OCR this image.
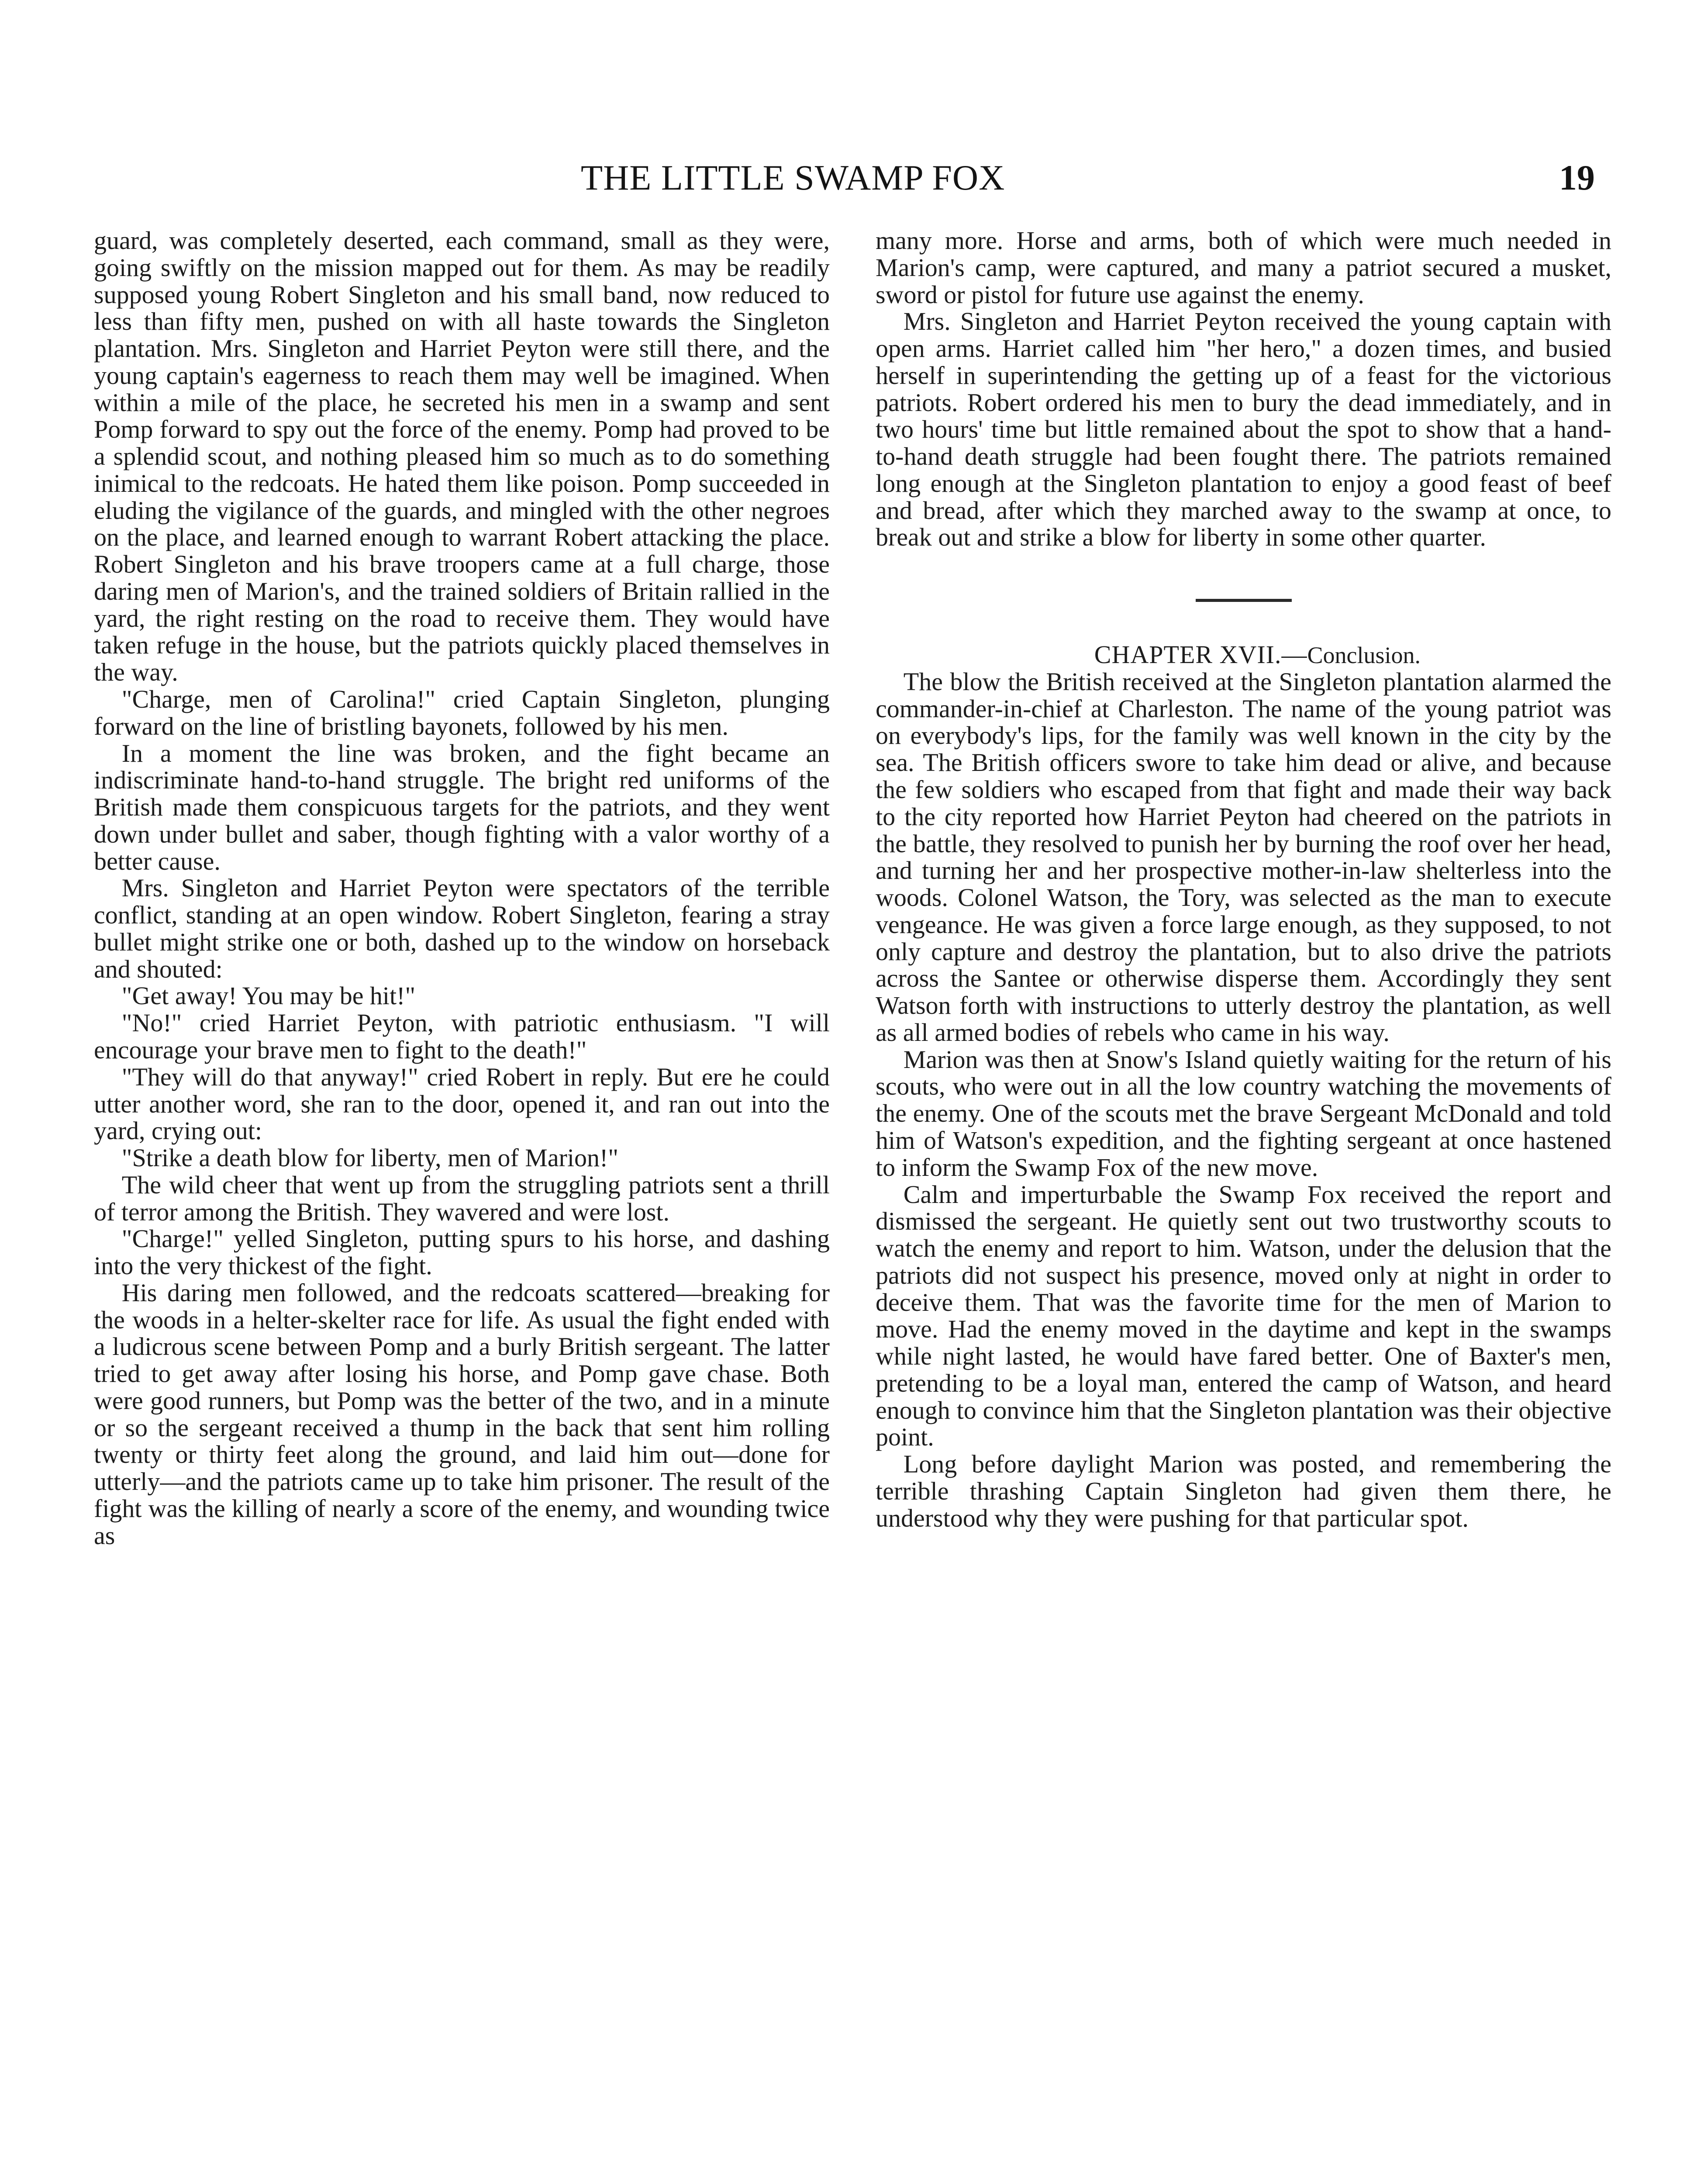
THE LITTLE SWAMP FOX	19

guard, was completely deserted, each command, small as they were, going swiftly on the mission mapped out for them. As may be readily supposed young Robert Singleton and his small band, now reduced to less than fifty men, pushed on with all haste towards the Singleton plantation. Mrs. Singleton and Harriet Peyton were still there, and the young captain's eagerness to reach them may well be imagined. When within a mile of the place, he secreted his men in a swamp and sent Pomp forward to spy out the force of the enemy. Pomp had proved to be a splendid scout, and nothing pleased him so much as to do something inimical to the redcoats. He hated them like poison. Pomp succeeded in eluding the vigilance of the guards, and mingled with the other negroes on the place, and learned enough to warrant Robert attacking the place. Robert Singleton and his brave troopers came at a full charge, those daring men of Marion's, and the trained soldiers of Britain rallied in the yard, the right resting on the road to receive them. They would have taken refuge in the house, but the patriots quickly placed themselves in the way.

"Charge, men of Carolina!" cried Captain Singleton, plunging forward on the line of bristling bayonets, followed by his men.

In a moment the line was broken, and the fight became an indiscriminate hand-to-hand struggle. The bright red uniforms of the British made them conspicuous targets for the patriots, and they went down under bullet and saber, though fighting with a valor worthy of a better cause.

Mrs. Singleton and Harriet Peyton were spectators of the terrible conflict, standing at an open window. Robert Singleton, fearing a stray bullet might strike one or both, dashed up to the window on horseback and shouted:

"Get away! You may be hit!"

"No!" cried Harriet Peyton, with patriotic enthusiasm. "I will encourage your brave men to fight to the death!"

"They will do that anyway!" cried Robert in reply. But ere he could utter another word, she ran to the door, opened it, and ran out into the yard, crying out:

"Strike a death blow for liberty, men of Marion!"

The wild cheer that went up from the struggling patriots sent a thrill of terror among the British. They wavered and were lost.

"Charge!" yelled Singleton, putting spurs to his horse, and dashing into the very thickest of the fight.

His daring men followed, and the redcoats scattered—breaking for the woods in a helter-skelter race for life. As usual the fight ended with a ludicrous scene between Pomp and a burly British sergeant. The latter tried to get away after losing his horse, and Pomp gave chase. Both were good runners, but Pomp was the better of the two, and in a minute or so the sergeant received a thump in the back that sent him rolling twenty or thirty feet along the ground, and laid him out—done for utterly—and the patriots came up to take him prisoner. The result of the fight was the killing of nearly a score of the enemy, and wounding twice as

many more. Horse and arms, both of which were much needed in Marion's camp, were captured, and many a patriot secured a musket, sword or pistol for future use against the enemy.

Mrs. Singleton and Harriet Peyton received the young captain with open arms. Harriet called him "her hero," a dozen times, and busied herself in superintending the getting up of a feast for the victorious patriots. Robert ordered his men to bury the dead immediately, and in two hours' time but little remained about the spot to show that a hand-to-hand death struggle had been fought there. The patriots remained long enough at the Singleton plantation to enjoy a good feast of beef and bread, after which they marched away to the swamp at once, to break out and strike a blow for liberty in some other quarter.

CHAPTER XVII.—Conclusion.

The blow the British received at the Singleton plantation alarmed the commander-in-chief at Charleston. The name of the young patriot was on everybody's lips, for the family was well known in the city by the sea. The British officers swore to take him dead or alive, and because the few soldiers who escaped from that fight and made their way back to the city reported how Harriet Peyton had cheered on the patriots in the battle, they resolved to punish her by burning the roof over her head, and turning her and her prospective mother-in-law shelterless into the woods. Colonel Watson, the Tory, was selected as the man to execute vengeance. He was given a force large enough, as they supposed, to not only capture and destroy the plantation, but to also drive the patriots across the Santee or otherwise disperse them. Accordingly they sent Watson forth with instructions to utterly destroy the plantation, as well as all armed bodies of rebels who came in his way.

Marion was then at Snow's Island quietly waiting for the return of his scouts, who were out in all the low country watching the movements of the enemy. One of the scouts met the brave Sergeant McDonald and told him of Watson's expedition, and the fighting sergeant at once hastened to inform the Swamp Fox of the new move.

Calm and imperturbable the Swamp Fox received the report and dismissed the sergeant. He quietly sent out two trustworthy scouts to watch the enemy and report to him. Watson, under the delusion that the patriots did not suspect his presence, moved only at night in order to deceive them. That was the favorite time for the men of Marion to move. Had the enemy moved in the daytime and kept in the swamps while night lasted, he would have fared better. One of Baxter's men, pretending to be a loyal man, entered the camp of Watson, and heard enough to convince him that the Singleton plantation was their objective point.

Long before daylight Marion was posted, and remembering the terrible thrashing Captain Singleton had given them there, he understood why they were pushing for that particular spot.
